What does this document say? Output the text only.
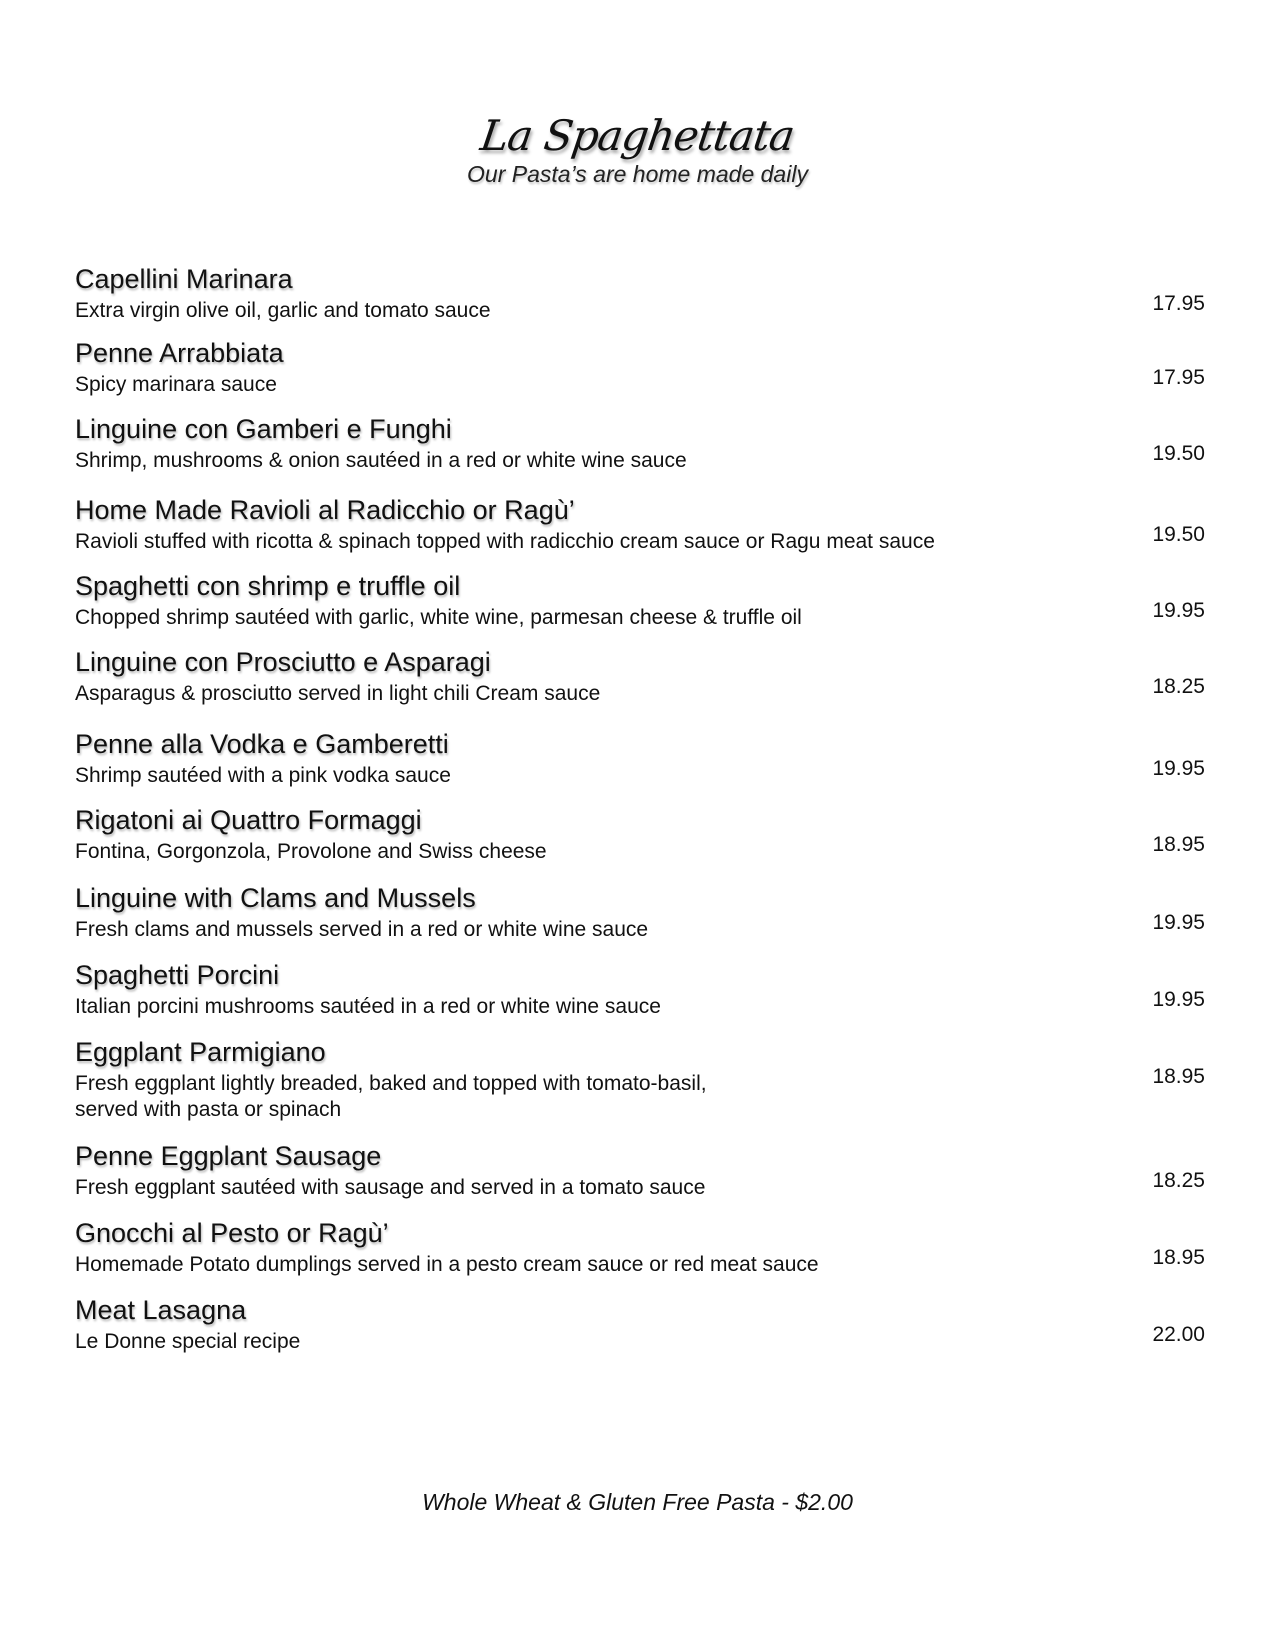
La Spaghettata
Our Pasta’s are home made daily
Capellini Marinara
17.95
Extra virgin olive oil, garlic and tomato sauce
Penne Arrabbiata
17.95
Spicy marinara sauce
Linguine con Gamberi e Funghi
19.50
Shrimp, mushrooms & onion sautéed in a red or white wine sauce
Home Made Ravioli al Radicchio or Ragù’
19.50
Ravioli stuffed with ricotta & spinach topped with radicchio cream sauce or Ragu meat sauce
Spaghetti con shrimp e truffle oil
19.95
Chopped shrimp sautéed with garlic, white wine, parmesan cheese & truffle oil
Linguine con Prosciutto e Asparagi
18.25
Asparagus & prosciutto served in light chili Cream sauce
Penne alla Vodka e Gamberetti
19.95
Shrimp sautéed with a pink vodka sauce
Rigatoni ai Quattro Formaggi
18.95
Fontina, Gorgonzola, Provolone and Swiss cheese
Linguine with Clams and Mussels
19.95
Fresh clams and mussels served in a red or white wine sauce
Spaghetti Porcini
19.95
Italian porcini mushrooms sautéed in a red or white wine sauce
Eggplant Parmigiano
18.95
Fresh eggplant lightly breaded, baked and topped with tomato-basil,
served with pasta or spinach
Penne Eggplant Sausage
18.25
Fresh eggplant sautéed with sausage and served in a tomato sauce
Gnocchi al Pesto or Ragù’
18.95
Homemade Potato dumplings served in a pesto cream sauce or red meat sauce
Meat Lasagna
22.00
Le Donne special recipe
Whole Wheat & Gluten Free Pasta - $2.00
